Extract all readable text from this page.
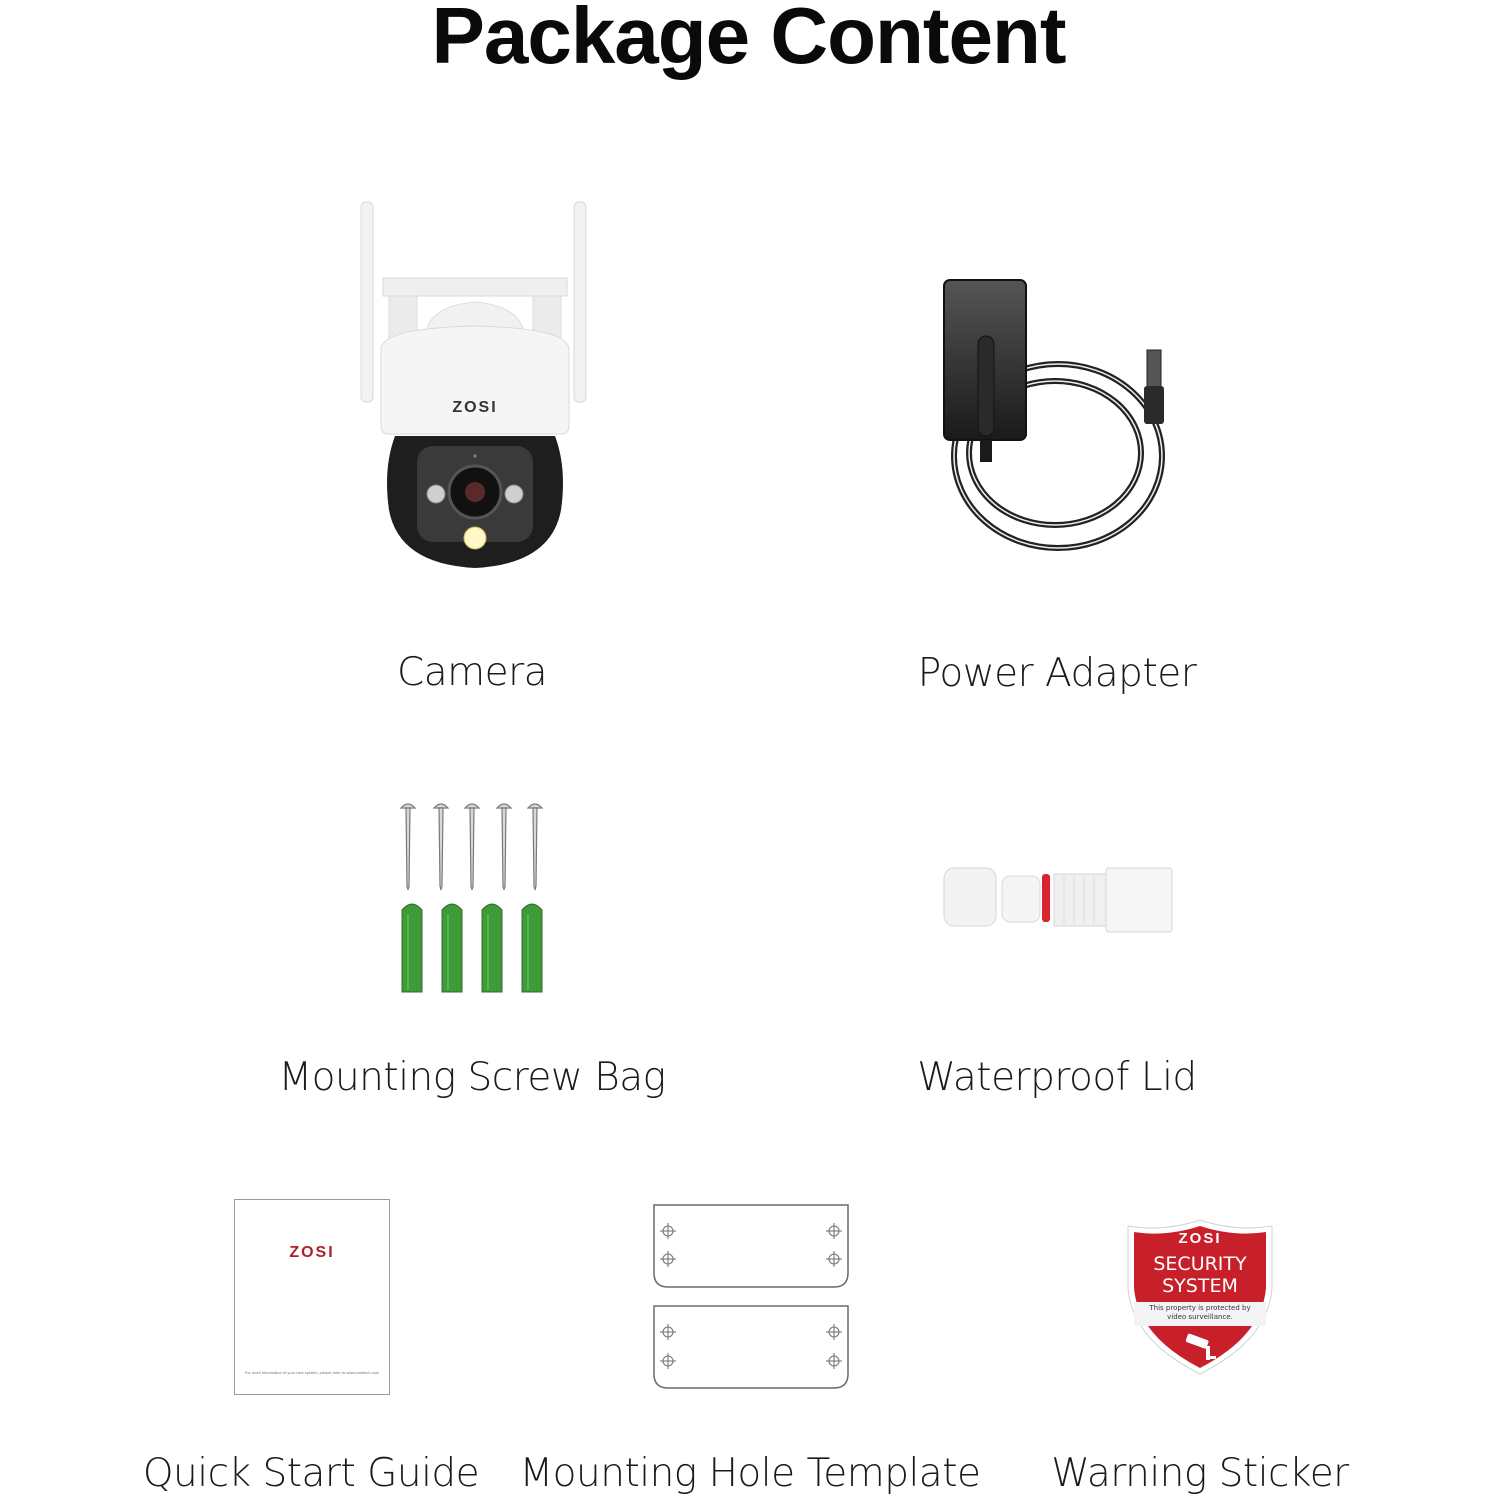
Package Content
ZOSI
Camera	Power Adapter
Mounting Screw Bag	Waterproof Lid
ZOSI
For more information of your new system, please refer to www.zositech.com
Quick Start Guide Mounting Hole Template
ZOSI
SECURITY
SYSTEM
This property is protected by video surveillance.
Warning Sticker
